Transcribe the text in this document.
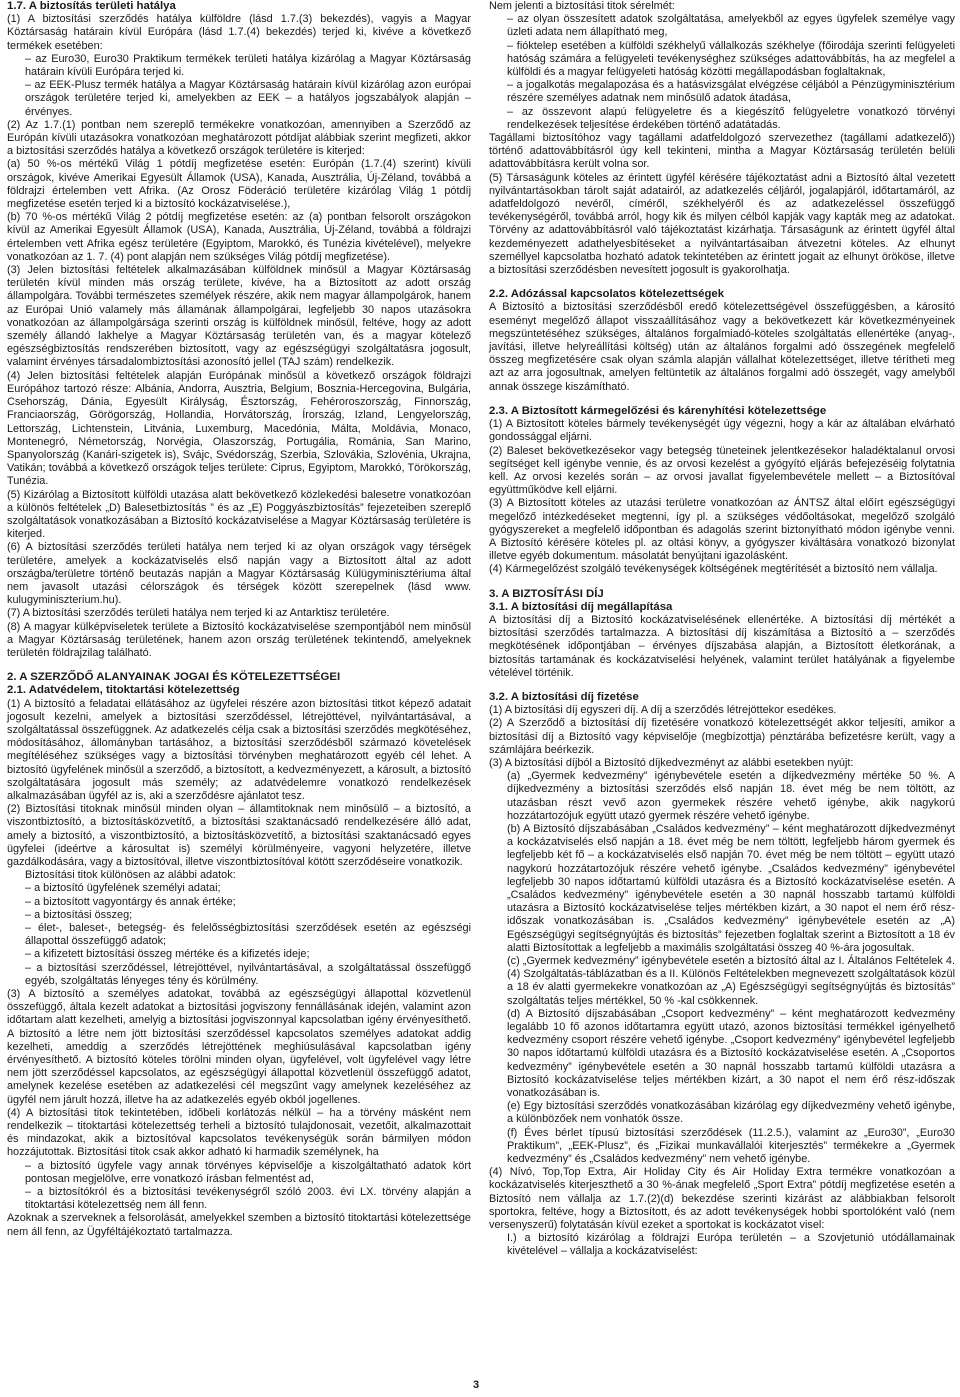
1.7. A biztosítás területi hatálya

(1) A biztosítási szerződés hatálya külföldre (lásd 1.7.(3) bekezdés), vagyis a Magyar Köztársaság határain kívül Európára (lásd 1.7.(4) bekezdés) terjed ki, kivéve a következő termékek esetében:

– az Euro30, Euro30 Praktikum termékek területi hatálya kizárólag a Magyar Köztársaság határain kívüli Európára terjed ki.

– az EEK-Plusz termék hatálya a Magyar Köztársaság határain kívül kizárólag azon európai országok területére terjed ki, amelyekben az EEK – a hatályos jogszabályok alapján – érvényes.

(2) Az 1.7.(1) pontban nem szereplő termékekre vonatkozóan, amennyiben a Szerződő az Európán kívüli utazásokra vonatkozóan meghatározott pótdíjat alábbiak szerint megfizeti, akkor a biztosítási szerződés hatálya a következő országok területére is kiterjed:

(a) 50 %-os mértékű Világ 1 pótdíj megfizetése esetén: Európán (1.7.(4) szerint) kívüli országok, kivéve Amerikai Egyesült Államok (USA), Kanada, Ausztrália, Új-Zéland, továbbá a földrajzi értelemben vett Afrika. (Az Orosz Föderáció területére kizárólag Világ 1 pótdíj megfizetése esetén terjed ki a biztosító kockázatviselése.),

(b) 70 %-os mértékű Világ 2 pótdíj megfizetése esetén: az (a) pontban felsorolt országokon kívül az Amerikai Egyesült Államok (USA), Kanada, Ausztrália, Új-Zéland, továbbá a földrajzi értelemben vett Afrika egész területére (Egyiptom, Marokkó, és Tunézia kivételével), melyekre vonatkozóan az 1. 7. (4) pont alapján nem szükséges Világ pótdíj megfizetése).

(3) Jelen biztosítási feltételek alkalmazásában külföldnek minősül a Magyar Köztársaság területén kívül minden más ország területe, kivéve, ha a Biztosított az adott ország állampolgára. További természetes személyek részére, akik nem magyar állampolgárok, hanem az Európai Unió valamely más államának állampolgárai, legfeljebb 30 napos utazásokra vonatkozóan az állampolgársága szerinti ország is külföldnek minősül, feltéve, hogy az adott személy állandó lakhelye a Magyar Köztársaság területén van, és a magyar kötelező egészségbiztosítás rendszerében biztosított, vagy az egészségügyi szolgáltatásra jogosult, valamint érvényes társadalombiztosítási azonosító jellel (TAJ szám) rendelkezik.

(4) Jelen biztosítási feltételek alapján Európának minősül a következő országok földrajzi Európához tartozó része: Albánia, Andorra, Ausztria, Belgium, Bosznia-Hercegovina, Bulgária, Csehország, Dánia, Egyesült Királyság, Észtország, Fehéroroszország, Finnország, Franciaország, Görögország, Hollandia, Horvátország, Írország, Izland, Lengyelország, Lettország, Lichtenstein, Litvánia, Luxemburg, Macedónia, Málta, Moldávia, Monaco, Montenegró, Németország, Norvégia, Olaszország, Portugália, Románia, San Marino, Spanyolország (Kanári-szigetek is), Svájc, Svédország, Szerbia, Szlovákia, Szlovénia, Ukrajna, Vatikán; továbbá a következő országok teljes területe: Ciprus, Egyiptom, Marokkó, Törökország, Tunézia.

(5) Kizárólag a Biztosított külföldi utazása alatt bekövetkező közlekedési balesetre vonatkozóan a különös feltételek „D) Balesetbiztosítás ” és az „E) Poggyászbiztosítás” fejezeteiben szereplő szolgáltatások vonatkozásában a Biztosító kockázatviselése a Magyar Köztársaság területére is kiterjed.

(6) A biztosítási szerződés területi hatálya nem terjed ki az olyan országok vagy térségek területére, amelyek a kockázatviselés első napján vagy a Biztosított által az adott országba/területre történő beutazás napján a Magyar Köztársaság Külügyminisztériuma által nem javasolt utazási célországok és térségek között szerepelnek (lásd www. kulugyminiszterium.hu).

(7) A biztosítási szerződés területi hatálya nem terjed ki az Antarktisz területére.

(8) A magyar külképviseletek területe a Biztosító kockázatviselése szempontjából nem minősül a Magyar Köztársaság területének, hanem azon ország területének tekintendő, amelyeknek területén földrajzilag található.

2. A SZERZŐDŐ ALANYAINAK JOGAI ÉS KÖTELEZETTSÉGEI

2.1. Adatvédelem, titoktartási kötelezettség

(1) A biztosító a feladatai ellátásához az ügyfelei részére azon biztosítási titkot képező adatait jogosult kezelni, amelyek a biztosítási szerződéssel, létrejöttével, nyilvántartásával, a szolgáltatással összefüggnek. Az adatkezelés célja csak a biztosítási szerződés megkötéséhez, módosításához, állományban tartásához, a biztosítási szerződésből származó követelések megítéléséhez szükséges vagy a biztosítási törvényben meghatározott egyéb cél lehet. A biztosító ügyfelének minősül a szerződő, a biztosított, a kedvezményezett, a károsult, a biztosító szolgáltatására jogosult más személy; az adatvédelemre vonatkozó rendelkezések alkalmazásában ügyfél az is, aki a szerződésre ajánlatot tesz.

(2) Biztosítási titoknak minősül minden olyan – államtitoknak nem minősülő – a biztosító, a viszontbiztosító, a biztosításközvetítő, a biztosítási szaktanácsadó rendelkezésére álló adat, amely a biztosító, a viszontbiztosító, a biztosításközvetítő, a biztosítási szaktanácsadó egyes ügyfelei (ideértve a károsultat is) személyi körülményeire, vagyoni helyzetére, illetve gazdálkodására, vagy a biztosítóval, illetve viszontbiztosítóval kötött szerződéseire vonatkozik.

Biztosítási titok különösen az alábbi adatok:

– a biztosító ügyfelének személyi adatai;

– a biztosított vagyontárgy és annak értéke;

– a biztosítási összeg;

– élet-, baleset-, betegség- és felelősségbiztosítási szerződések esetén az egészségi állapottal összefüggő adatok;

– a kifizetett biztosítási összeg mértéke és a kifizetés ideje;

– a biztosítási szerződéssel, létrejöttével, nyilvántartásával, a szolgáltatással összefüggő egyéb, szolgáltatás lényeges tény és körülmény.

(3) A biztosító a személyes adatokat, továbbá az egészségügyi állapottal közvetlenül összefüggő, általa kezelt adatokat a biztosítási jogviszony fennállásának idején, valamint azon időtartam alatt kezelheti, amelyig a biztosítási jogviszonnyal kapcsolatban igény érvényesíthető. A biztosító a létre nem jött biztosítási szerződéssel kapcsolatos személyes adatokat addig kezelheti, ameddig a szerződés létrejöttének meghiúsulásával kapcsolatban igény érvényesíthető. A biztosító köteles törölni minden olyan, ügyfelével, volt ügyfelével vagy létre nem jött szerződéssel kapcsolatos, az egészségügyi állapottal közvetlenül összefüggő adatot, amelynek kezelése esetében az adatkezelési cél megszűnt vagy amelynek kezeléséhez az ügyfél nem járult hozzá, illetve ha az adatkezelés egyéb okból jogellenes.

(4) A biztosítási titok tekintetében, időbeli korlátozás nélkül – ha a törvény másként nem rendelkezik – titoktartási kötelezettség terheli a biztosító tulajdonosait, vezetőit, alkalmazottait és mindazokat, akik a biztosítóval kapcsolatos tevékenységük során bármilyen módon hozzájutottak. Biztosítási titok csak akkor adható ki harmadik személynek, ha

– a biztosító ügyfele vagy annak törvényes képviselője a kiszolgáltatható adatok kört pontosan megjelölve, erre vonatkozó írásban felmentést ad,

– a biztosítókról és a biztosítási tevékenységről szóló 2003. évi LX. törvény alapján a titoktartási kötelezettség nem áll fenn.

Azoknak a szerveknek a felsorolását, amelyekkel szemben a biztosító titoktartási kötelezettsége nem áll fenn, az Ügyféltájékoztató tartalmazza.

Nem jelenti a biztosítási titok sérelmét:

– az olyan összesített adatok szolgáltatása, amelyekből az egyes ügyfelek személye vagy üzleti adata nem állapítható meg,

– fióktelep esetében a külföldi székhelyű vállalkozás székhelye (főirodája szerinti felügyeleti hatóság számára a felügyeleti tevékenységhez szükséges adattovábbítás, ha az megfelel a külföldi és a magyar felügyeleti hatóság közötti megállapodásban foglaltaknak,

– a jogalkotás megalapozása és a hatásvizsgálat elvégzése céljából a Pénzügyminisztérium részére személyes adatnak nem minősülő adatok átadása,

– az összevont alapú felügyeletre és a kiegészítő felügyeletre vonatkozó törvényi rendelkezések teljesítése érdekében történő adatátadás.

Tagállami biztosítóhoz vagy tagállami adatfeldolgozó szervezethez (tagállami adatkezelő)) történő adattovábbításról úgy kell tekinteni, mintha a Magyar Köztársaság területén belüli adattovábbításra került volna sor.

(5) Társaságunk köteles az érintett ügyfél kérésére tájékoztatást adni a Biztosító által vezetett nyilvántartásokban tárolt saját adatairól, az adatkezelés céljáról, jogalapjáról, időtartamáról, az adatfeldolgozó nevéről, címéről, székhelyéről és az adatkezeléssel összefüggő tevékenységéről, továbbá arról, hogy kik és milyen célból kapják vagy kapták meg az adatokat. Törvény az adattovábbításról való tájékoztatást kizárhatja. Társaságunk az érintett ügyfél által kezdeményezett adathelyesbítéseket a nyilvántartásaiban átvezetni köteles. Az elhunyt személlyel kapcsolatba hozható adatok tekintetében az érintett jogait az elhunyt örököse, illetve a biztosítási szerződésben nevesített jogosult is gyakorolhatja.

2.2. Adózással kapcsolatos kötelezettségek

A Biztosító a biztosítási szerződésből eredő kötelezettségével összefüggésben, a károsító eseményt megelőző állapot visszaállításához vagy a bekövetkezett kár következményeinek megszüntetéséhez szükséges, általános forgalmiadó-köteles szolgáltatás ellenértéke (anyag-, javítási, illetve helyreállítási költség) után az általános forgalmi adó összegének megfelelő összeg megfizetésére csak olyan számla alapján vállalhat kötelezettséget, illetve térítheti meg azt az arra jogosultnak, amelyen feltüntetik az általános forgalmi adó összegét, vagy amelyből annak összege kiszámítható.

2.3. A Biztosított kármegelőzési és kárenyhítési kötelezettsége

(1) A Biztosított köteles bármely tevékenységét úgy végezni, hogy a kár az általában elvárható gondossággal eljárni.

(2) Baleset bekövetkezésekor vagy betegség tüneteinek jelentkezésekor haladéktalanul orvosi segítséget kell igénybe vennie, és az orvosi kezelést a gyógyító eljárás befejezéséig folytatnia kell. Az orvosi kezelés során – az orvosi javallat figyelembevétele mellett – a Biztosítóval együttműködve kell eljárni.

(3) A Biztosított köteles az utazási területre vonatkozóan az ÁNTSZ által előírt egészségügyi megelőző intézkedéseket megtenni, így pl. a szükséges védőoltásokat, megelőző szolgáló gyógyszereket a megfelelő időpontban és adagolás szerint biztonyítható módon igénybe venni. A Biztosító kérésére köteles pl. az oltási könyv, a gyógyszer kiváltására vonatkozó bizonylat illetve egyéb dokumentum. másolatát benyújtani igazolásként.

(4) Kármegelőzést szolgáló tevékenységek költségének megtérítését a biztosító nem vállalja.

3. A BIZTOSÍTÁSI DÍJ

3.1. A biztosítási díj megállapítása

A biztosítási díj a Biztosító kockázatviselésének ellenértéke. A biztosítási díj mértékét a biztosítási szerződés tartalmazza. A biztosítási díj kiszámítása a Biztosító a – szerződés megkötésének időpontjában – érvényes díjszabása alapján, a Biztosított életkorának, a biztosítás tartamának és kockázatviselési helyének, valamint terület hatályának a figyelembe vételével történik.

3.2. A biztosítási díj fizetése

(1) A biztosítási díj egyszeri díj. A díj a szerződés létrejöttekor esedékes.

(2) A Szerződő a biztosítási díj fizetésére vonatkozó kötelezettségét akkor teljesíti, amikor a biztosítási díj a Biztosító vagy képviselője (megbízottja) pénztárába befizetésre került, vagy a számlájára beérkezik.

(3) A biztosítási díjból a Biztosító díjkedvezményt az alábbi esetekben nyújt:

(a) „Gyermek kedvezmény” igénybevétele esetén a díjkedvezmény mértéke 50 %. A díjkedvezmény a biztosítási szerződés első napján 18. évet még be nem töltött, az utazásban részt vevő azon gyermekek részére vehető igénybe, akik nagykorú hozzátartozójuk együtt utazó gyermek részére vehető igénybe.

(b) A Biztosító díjszabásában „Családos kedvezmény” – ként meghatározott díjkedvezményt a kockázatviselés első napján a 18. évet még be nem töltött, legfeljebb három gyermek és legfeljebb két fő – a kockázatviselés első napján 70. évet még be nem töltött – együtt utazó nagykorú hozzátartozójuk részére vehető igénybe. „Családos kedvezmény” igénybevétel legfeljebb 30 napos időtartamú külföldi utazásra és a Biztosító kockázatviselése esetén. A „Családos kedvezmény” igénybevétele esetén a 30 napnál hosszabb tartamú külföldi utazásra a Biztosító kockázatviselése teljes mértékben kizárt, a 30 napot el nem érő rész-időszak vonatkozásában is. „Családos kedvezmény” igénybevétele esetén az „A) Egészségügyi segítségnyújtás és biztosítás” fejezetben foglaltak szerint a Biztosított a 18 év alatti Biztosítottak a legfeljebb a maximális szolgáltatási összeg 40 %-ára jogosultak.

(c) „Gyermek kedvezmény” igénybevétele esetén a biztosító által az I. Általános Feltételek 4.(4) Szolgáltatás-táblázatban és a II. Különös Feltételekben megnevezett szolgáltatások közül a 18 év alatti gyermekekre vonatkozóan az „A) Egészségügyi segítségnyújtás és biztosítás” szolgáltatás teljes mértékkel, 50 % -kal csökkennek.

(d) A Biztosító díjszabásában „Csoport kedvezmény” – ként meghatározott kedvezmény legalább 10 fő azonos időtartamra együtt utazó, azonos biztosítási termékkel igényelhető kedvezmény csoport részére vehető igénybe. „Csoport kedvezmény” igénybevétel legfeljebb 30 napos időtartamú külföldi utazásra és a Biztosító kockázatviselése esetén. A „Csoportos kedvezmény” igénybevétele esetén a 30 napnál hosszabb tartamú külföldi utazásra a Biztosító kockázatviselése teljes mértékben kizárt, a 30 napot el nem érő rész-időszak vonatkozásában is.

(e) Egy biztosítási szerződés vonatkozásában kizárólag egy díjkedvezmény vehető igénybe, a különbözőek nem vonhatók össze.

(f) Éves bérlet típusú biztosítási szerződések (11.2.5.), valamint az „Euro30”, „Euro30 Praktikum”, „EEK-Plusz”, és „Fizikai munkavállalói kiterjesztés” termékekre a „Gyermek kedvezmény” és „Családos kedvezmény” nem vehető igénybe.

(4) Nívó, Top,Top Extra, Air Holiday City és Air Holiday Extra termékre vonatkozóan a kockázatviselés kiterjeszthető a 30 %-ának megfelelő „Sport Extra” pótdíj megfizetése esetén a Biztosító nem vállalja az 1.7.(2)(d) bekezdése szerinti kizárást az alábbiakban felsorolt sportokra, feltéve, hogy a Biztosított, és az adott tevékenységek hobbi sportolóként való (nem versenyszerű) folytatásán kívül ezeket a sportokat is kockázatot visel:

I.) a biztosító kizárólag a földrajzi Európa területén – a Szovjetunió utódállamainak kivételével – vállalja a kockázatviselést:

3
